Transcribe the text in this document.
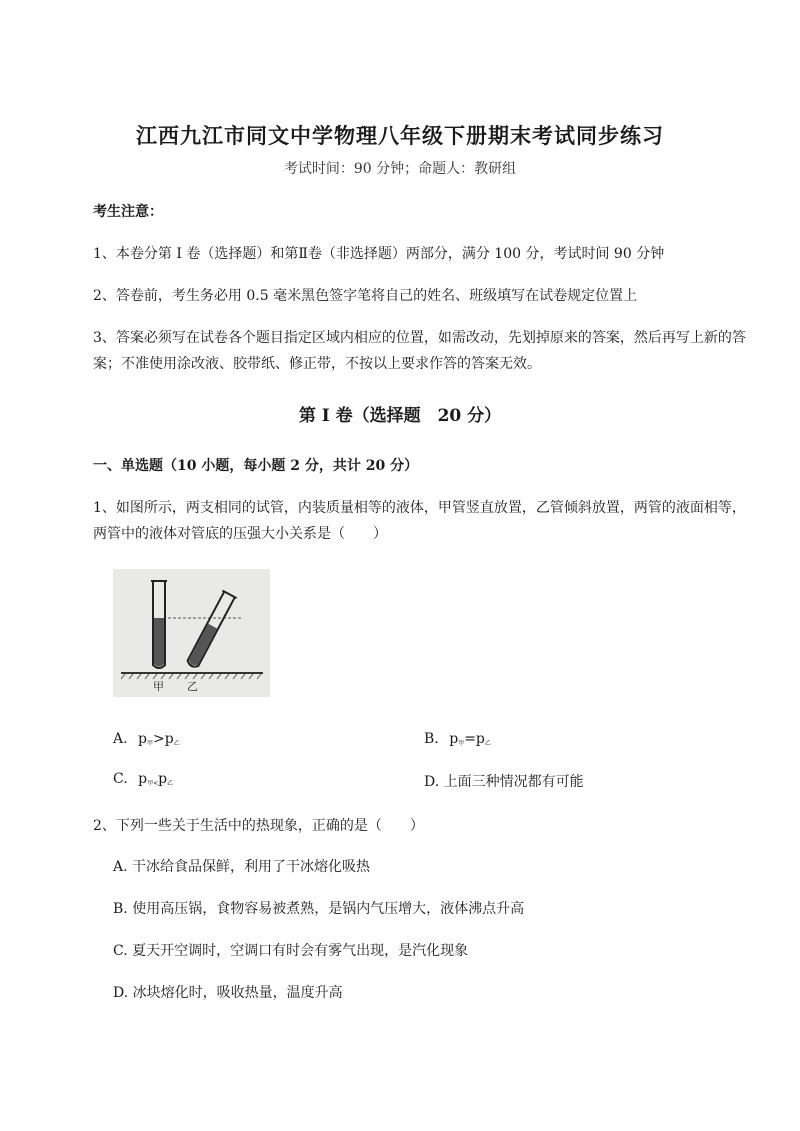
江西九江市同文中学物理八年级下册期末考试同步练习
考试时间：90 分钟；命题人：教研组
考生注意：
1、本卷分第 I 卷（选择题）和第Ⅱ卷（非选择题）两部分，满分 100 分，考试时间 90 分钟
2、答卷前，考生务必用 0.5 毫米黑色签字笔将自己的姓名、班级填写在试卷规定位置上
3、答案必须写在试卷各个题目指定区域内相应的位置，如需改动，先划掉原来的答案，然后再写上新的答案；不准使用涂改液、胶带纸、修正带，不按以上要求作答的答案无效。
第 I 卷（选择题　20 分）
一、单选题（10 小题，每小题 2 分，共计 20 分）
1、如图所示，两支相同的试管，内装质量相等的液体，甲管竖直放置，乙管倾斜放置，两管的液面相等，两管中的液体对管底的压强大小关系是（　　）
甲 乙
A. $p_甲>p_乙$	B. $p_甲=p_乙$
C. $p_{甲<}p_乙$	D. 上面三种情况都有可能
2、下列一些关于生活中的热现象，正确的是（　　）
A. 干冰给食品保鲜，利用了干冰熔化吸热
B. 使用高压锅，食物容易被煮熟，是锅内气压增大，液体沸点升高
C. 夏天开空调时，空调口有时会有雾气出现，是汽化现象
D. 冰块熔化时，吸收热量，温度升高
